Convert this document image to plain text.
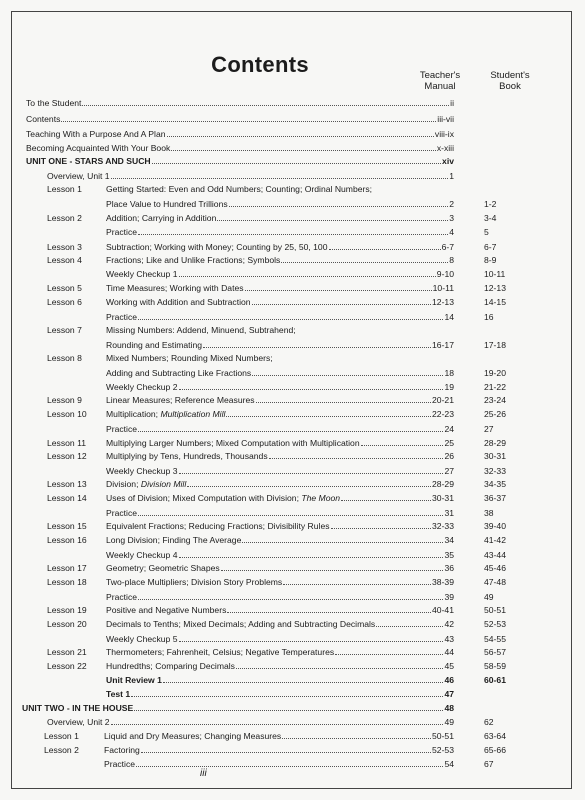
Contents	Teacher's
Manual
Student's
Book
To the Student	ii
Contents	iii-vii
Teaching With a Purpose And A Plan	viii-ix
Becoming Acquainted With Your Book	x-xiii
UNIT ONE - STARS AND SUCH	xiv
Overview, Unit 1	1
Lesson 1	Getting Started: Even and Odd Numbers; Counting; Ordinal Numbers;
Place Value to Hundred Trillions	2	1-2
Lesson 2	Addition; Carrying in Addition	3	3-4
Practice	4	5
Lesson 3	Subtraction; Working with Money; Counting by 25, 50, 100	6-7	6-7
Lesson 4	Fractions; Like and Unlike Fractions; Symbols	8	8-9
Weekly Checkup 1	9-10	10-11
Lesson 5	Time Measures; Working with Dates	10-11	12-13
Lesson 6	Working with Addition and Subtraction	12-13	14-15
Practice	14	16
Lesson 7	Missing Numbers: Addend, Minuend, Subtrahend;
Rounding and Estimating	16-17	17-18
Lesson 8	Mixed Numbers; Rounding Mixed Numbers;
Adding and Subtracting Like Fractions	18	19-20
Weekly Checkup 2	19	21-22
Lesson 9	Linear Measures; Reference Measures	20-21	23-24
Lesson 10 Multiplication; Multiplication Mill	22-23	25-26
Practice	24	27
Lesson 11 Multiplying Larger Numbers; Mixed Computation with Multiplication	25	28-29
Lesson 12 Multiplying by Tens, Hundreds, Thousands	26	30-31
Weekly Checkup 3	27	32-33
Lesson 13 Division; Division Mill	28-29	34-35
Lesson 14 Uses of Division; Mixed Computation with Division; The Moon	30-31	36-37
Practice	31	38
Lesson 15 Equivalent Fractions; Reducing Fractions; Divisibility Rules	32-33	39-40
Lesson 16 Long Division; Finding The Average	34	41-42
Weekly Checkup 4	35	43-44
Lesson 17 Geometry; Geometric Shapes	36	45-46
Lesson 18 Two-place Multipliers; Division Story Problems	38-39	47-48
Practice	39	49
Lesson 19 Positive and Negative Numbers	40-41	50-51
Lesson 20 Decimals to Tenths; Mixed Decimals; Adding and Subtracting Decimals	42	52-53
Weekly Checkup 5	43	54-55
Lesson 21 Thermometers; Fahrenheit, Celsius; Negative Temperatures	44	56-57
Lesson 22 Hundredths; Comparing Decimals	45	58-59
Unit Review 1	46	60-61
Test 1	47
UNIT TWO - IN THE HOUSE	48
Overview, Unit 2	49	62
Lesson 1	Liquid and Dry Measures; Changing Measures	50-51	63-64
Lesson 2	Factoring	52-53	65-66
Practice	54	67
iii
